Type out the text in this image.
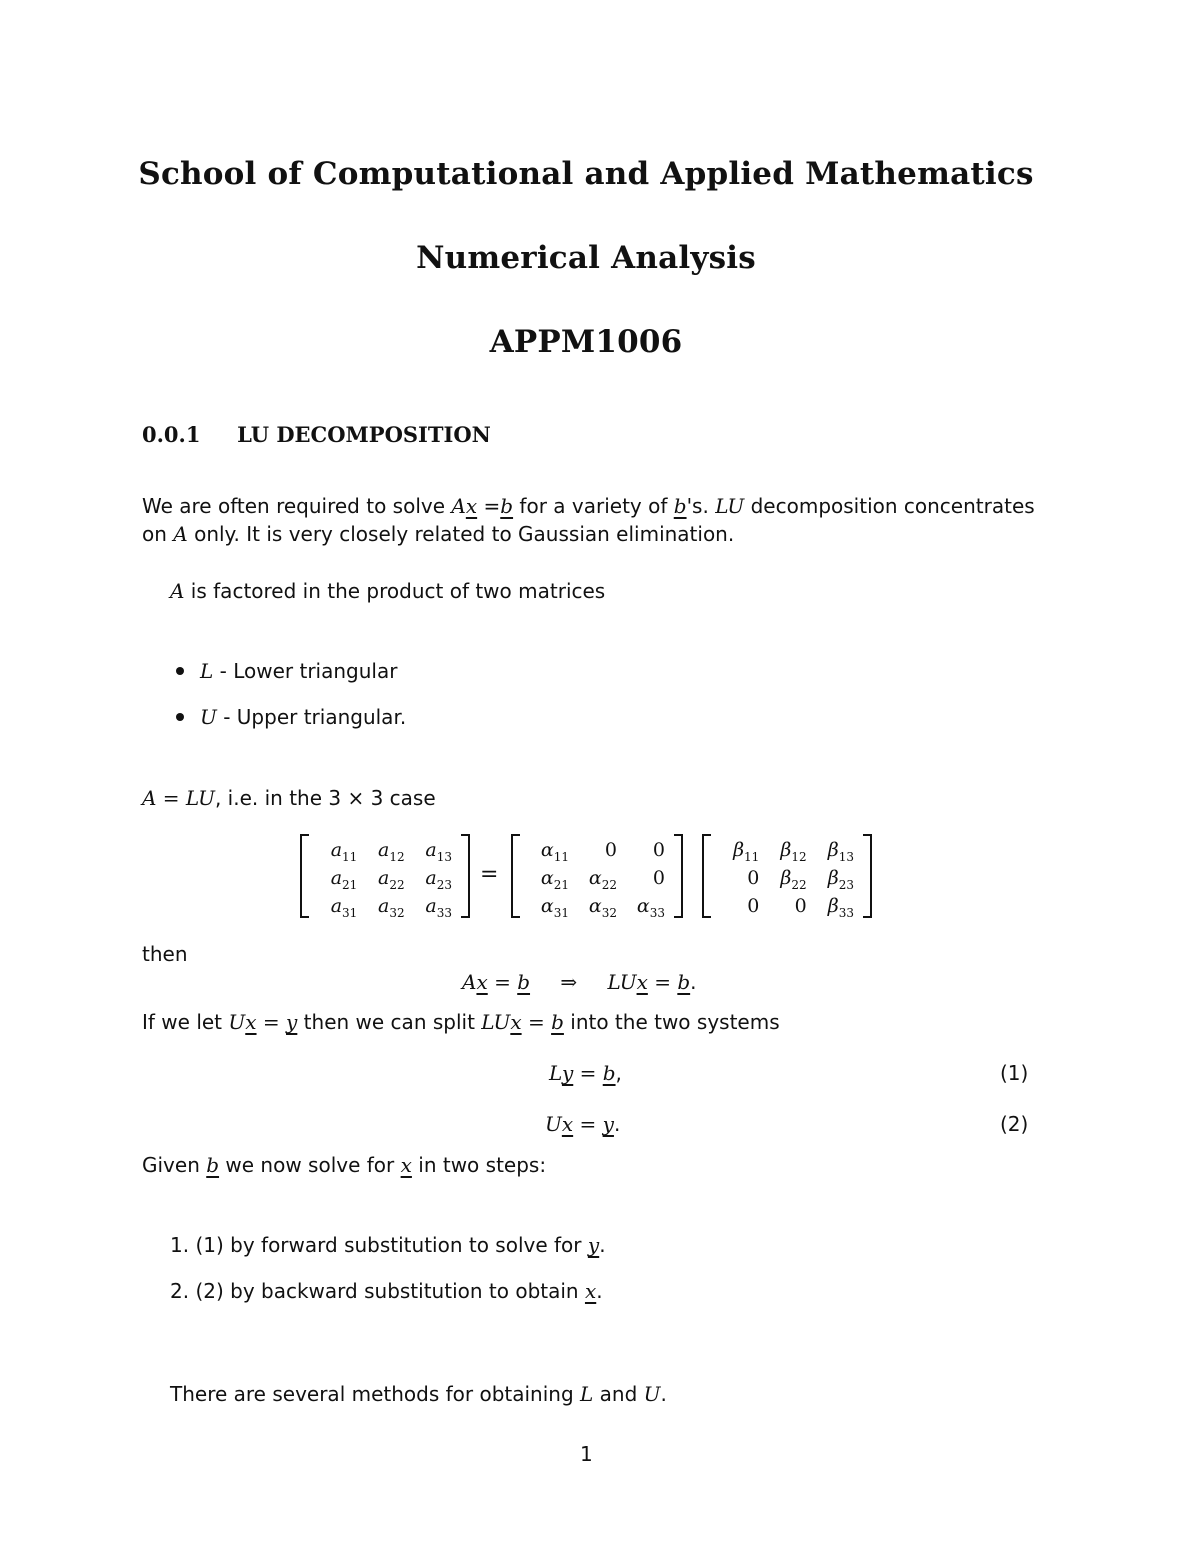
School of Computational and Applied Mathematics
Numerical Analysis
APPM1006
0.0.1 LU DECOMPOSITION
We are often required to solve Ax =b for a variety of b's. LU decomposition concentrates
on A only. It is very closely related to Gaussian elimination.
A is factored in the product of two matrices
L - Lower triangular
U - Upper triangular.
A = LU, i.e. in the 3 × 3 case
$a_{11}$	$a_{12}$	$a_{13}$
$a_{21}$	$a_{22}$	$a_{23}$
$a_{31}$	$a_{32}$	$a_{33}$
=
$\alpha_{11}$	0	0
$\alpha_{21}$	$\alpha_{22}$	0
$\alpha_{31}$	$\alpha_{32}$	$\alpha_{33}$
$\beta_{11}$	$\beta_{12}$	$\beta_{13}$
0	$\beta_{22}$	$\beta_{23}$
0	0	$\beta_{33}$
then
Ax = b ⇒ LUx = b.
If we let Ux = y then we can split LUx = b into the two systems
Ly = b,	(1)
Ux = y.	(2)
Given b we now solve for x in two steps:
1. (1) by forward substitution to solve for y.
2. (2) by backward substitution to obtain x.
There are several methods for obtaining L and U.
1
